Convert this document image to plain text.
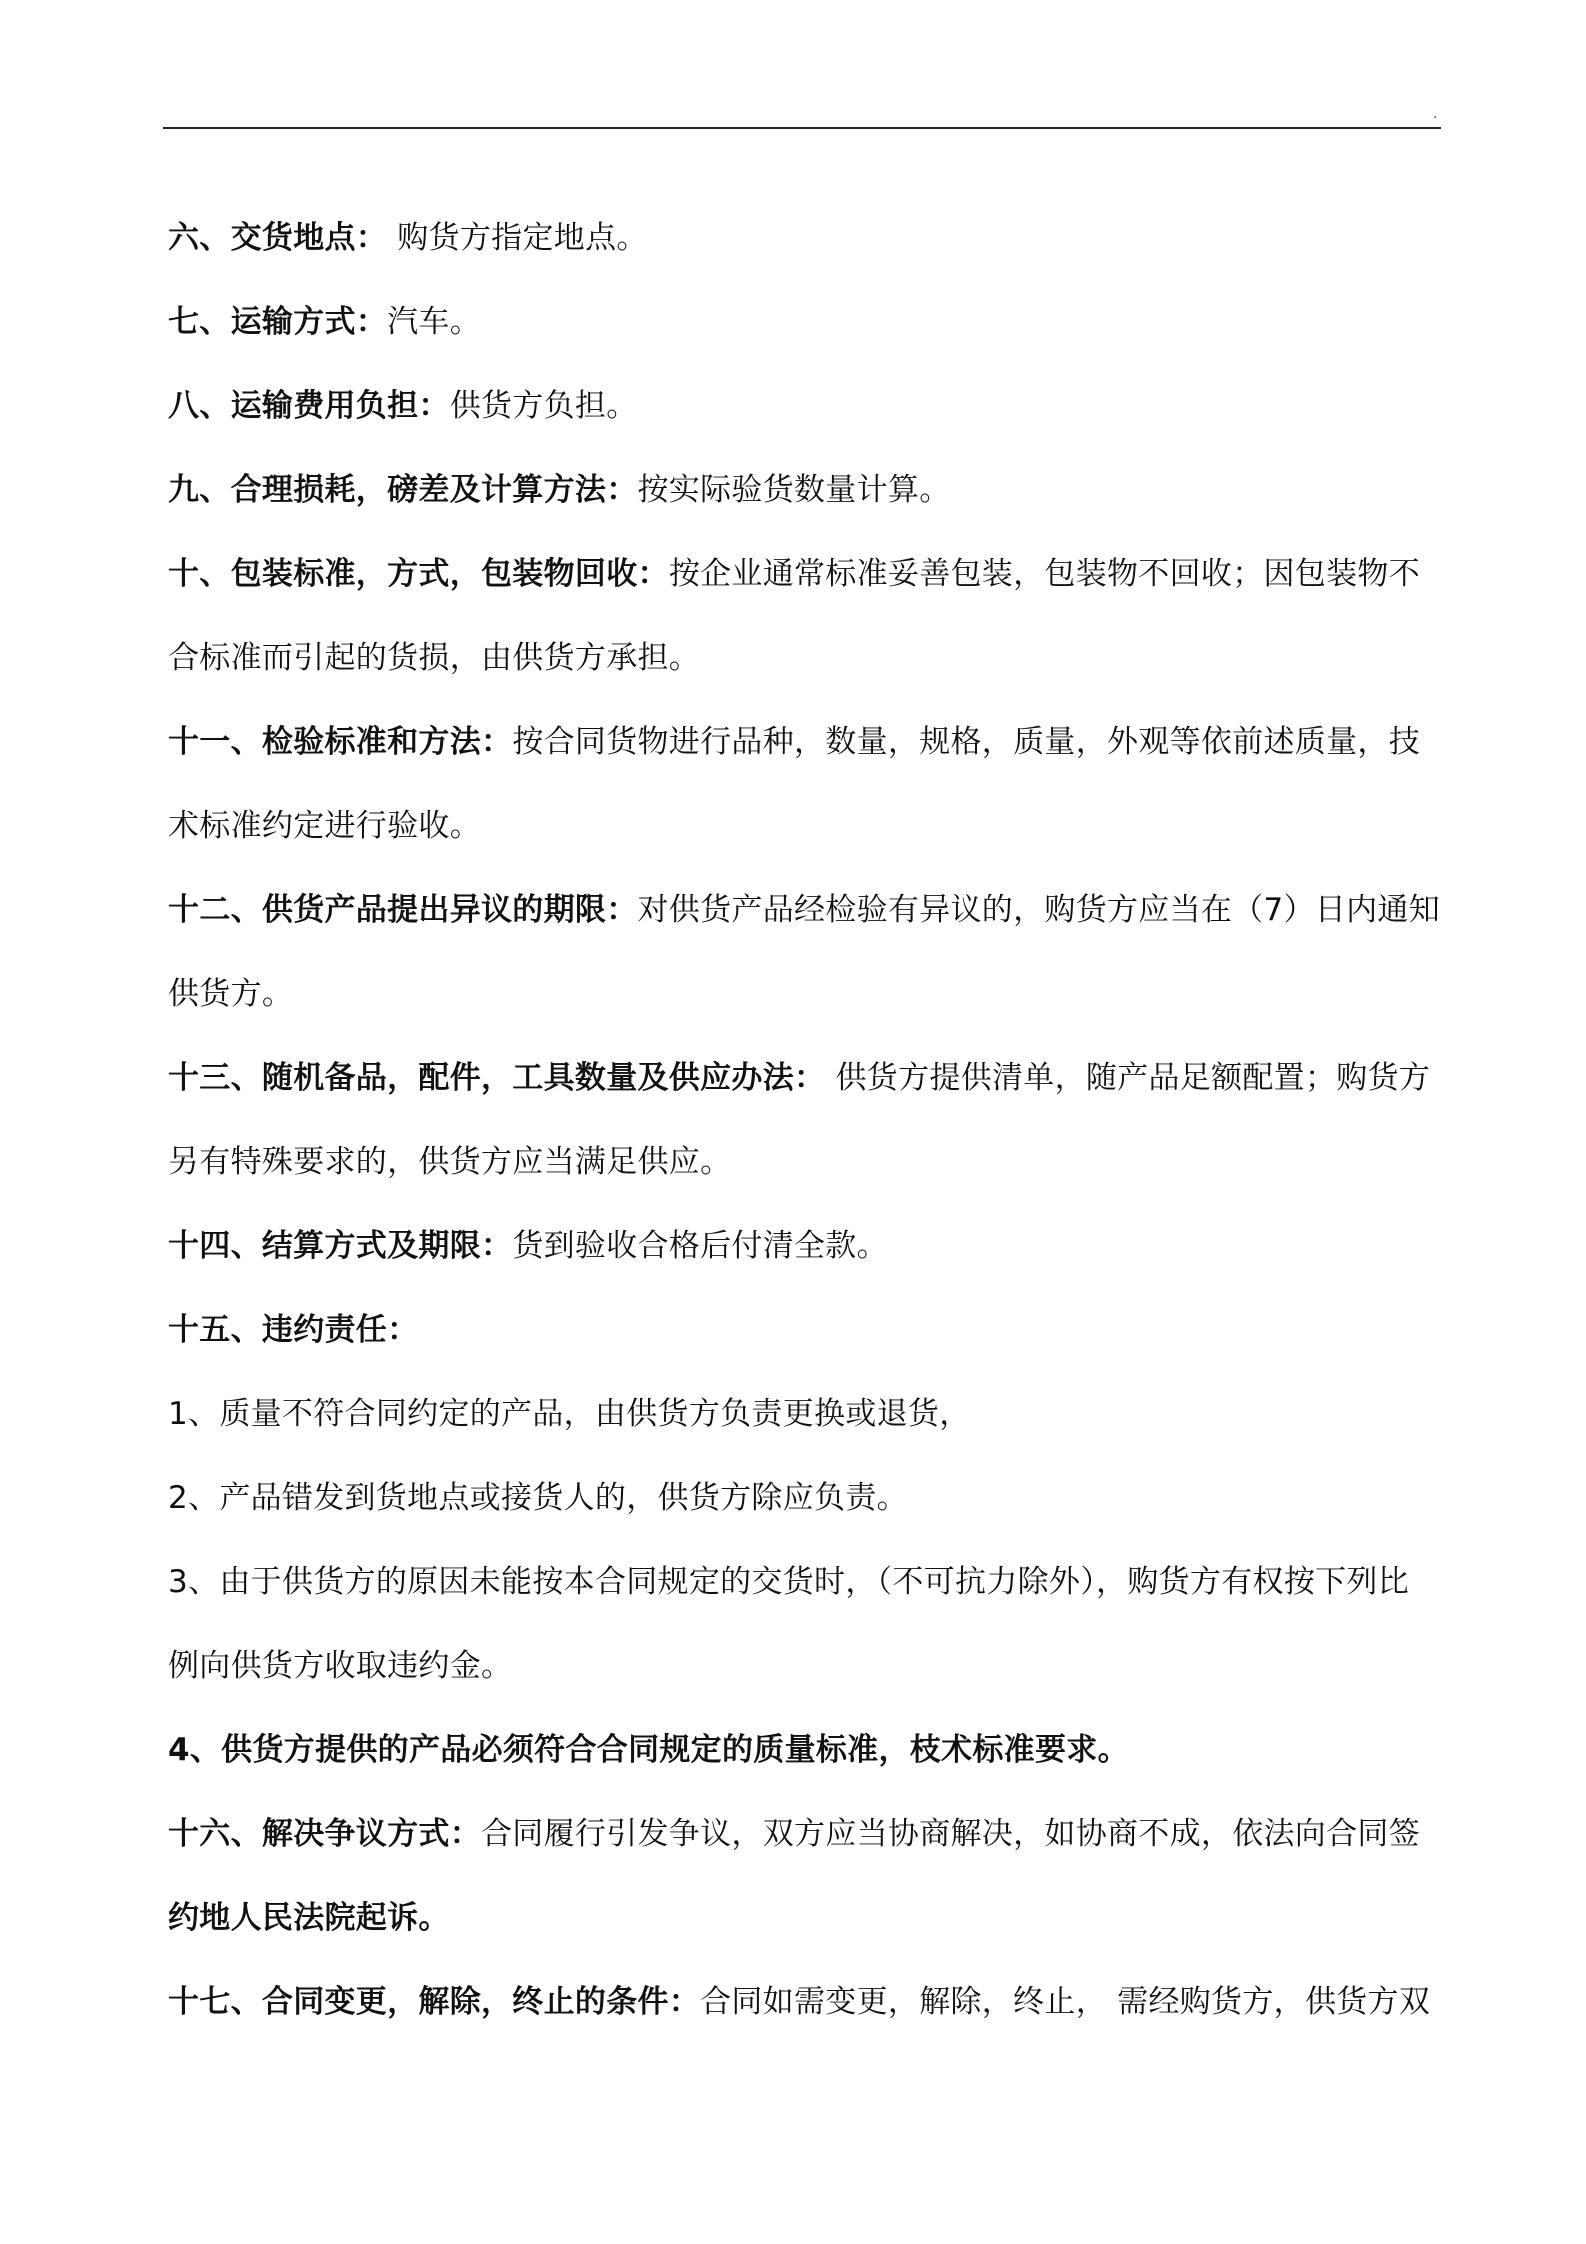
.
六、交货地点： 购货方指定地点。
七、运输方式：汽车。
八、运输费用负担：供货方负担。
九、合理损耗，磅差及计算方法：按实际验货数量计算。
十、包装标准，方式，包装物回收：按企业通常标准妥善包装，包装物不回收；因包装物不
合标准而引起的货损，由供货方承担。
十一、检验标准和方法：按合同货物进行品种，数量，规格，质量，外观等依前述质量，技
术标准约定进行验收。
十二、供货产品提出异议的期限：对供货产品经检验有异议的，购货方应当在（7）日内通知
供货方。
十三、随机备品，配件，工具数量及供应办法： 供货方提供清单，随产品足额配置；购货方
另有特殊要求的，供货方应当满足供应。
十四、结算方式及期限：货到验收合格后付清全款。
十五、违约责任：
1、质量不符合同约定的产品，由供货方负责更换或退货，
2、产品错发到货地点或接货人的，供货方除应负责。
3、由于供货方的原因未能按本合同规定的交货时，（不可抗力除外），购货方有权按下列比
例向供货方收取违约金。
4、供货方提供的产品必须符合合同规定的质量标准，枝术标准要求。
十六、解决争议方式：合同履行引发争议，双方应当协商解决，如协商不成，依法向合同签
约地人民法院起诉。
十七、合同变更，解除，终止的条件：合同如需变更，解除，终止， 需经购货方，供货方双
